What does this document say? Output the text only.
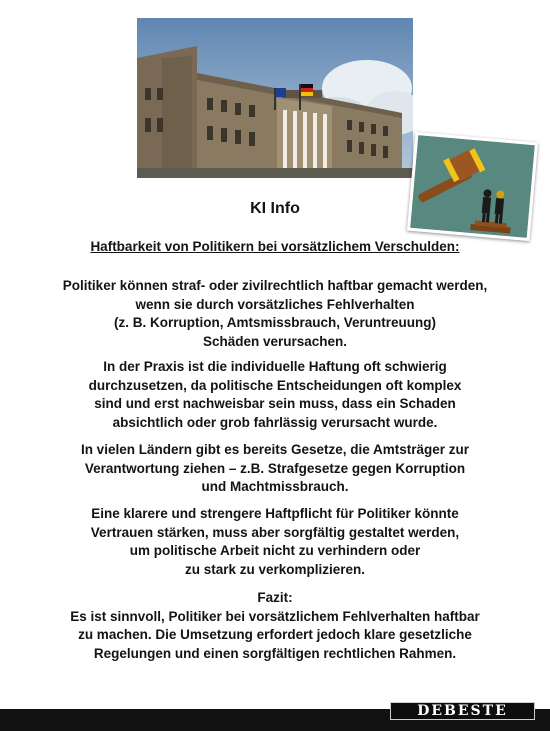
KI Info
Haftbarkeit von Politikern bei vorsätzlichem Verschulden:
Politiker können straf- oder zivilrechtlich haftbar gemacht werden,
wenn sie durch vorsätzliches Fehlverhalten
(z. B. Korruption, Amtsmissbrauch, Veruntreuung)
Schäden verursachen.
In der Praxis ist die individuelle Haftung oft schwierig
durchzusetzen, da politische Entscheidungen oft komplex
sind und erst nachweisbar sein muss, dass ein Schaden
absichtlich oder grob fahrlässig verursacht wurde.
In vielen Ländern gibt es bereits Gesetze, die Amtsträger zur
Verantwortung ziehen – z.B. Strafgesetze gegen Korruption
und Machtmissbrauch.
Eine klarere und strengere Haftpflicht für Politiker könnte
Vertrauen stärken, muss aber sorgfältig gestaltet werden,
um politische Arbeit nicht zu verhindern oder
zu stark zu verkomplizieren.
Fazit:
Es ist sinnvoll, Politiker bei vorsätzlichem Fehlverhalten haftbar
zu machen. Die Umsetzung erfordert jedoch klare gesetzliche
Regelungen und einen sorgfältigen rechtlichen Rahmen.
DEBESTE
